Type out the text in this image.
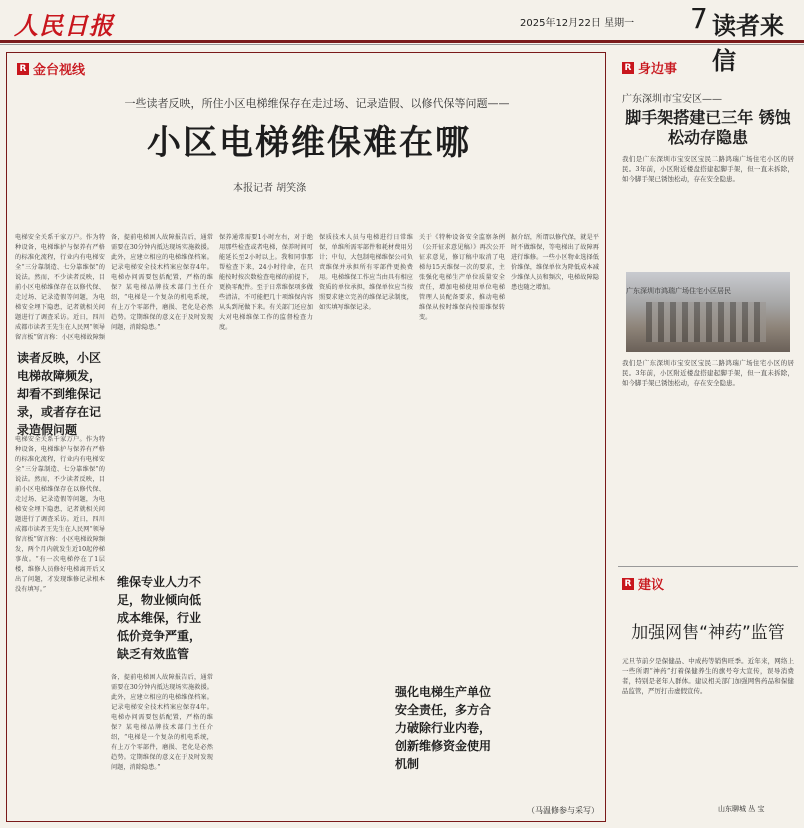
人民日报	2025年12月22日 星期一 7 读者来信
R 金台视线
一些读者反映，所住小区电梯维保存在走过场、记录造假、以修代保等问题——
小区电梯维保难在哪
本报记者 胡笑涤
电梯安全关系千家万户。作为特种设备，电梯维护与保养有严格的标准化流程，行业内有电梯安全“三分靠制造、七分靠维保”的说法。然而，不少读者反映，目前小区电梯维保存在以修代保、走过场、记录造假等问题，为电梯安全埋下隐患，记者就相关问题进行了调查采访。近日，四川成都市读者王先生在人民网“领导留言板”留言称：小区电梯故障频
读者反映，小区电梯故障频发，却看不到维保记录，或者存在记录造假问题
电梯安全关系千家万户。作为特种设备，电梯维护与保养有严格的标准化流程，行业内有电梯安全“三分靠制造、七分靠维保”的说法。然而，不少读者反映，目前小区电梯维保存在以修代保、走过场、记录造假等问题，为电梯安全埋下隐患，记者就相关问题进行了调查采访。近日，四川成都市读者王先生在人民网“领导留言板”留言称：小区电梯故障频发，两个月内就发生近10起停梯事故。“有一次电梯停在了1层楼，维修人员修好电梯离开后又出了问题，才发现维修记录根本没有填写。”
备，提前电梯困人故障报告后，通常需要在30分钟内抵达现场实施救援。此外，应建立相应的电梯维保档案。记录电梯安全技术档案应保存4年。电梯办问需要包括配置，严格的维保？某电梯品牌技术部门主任介绍，“电梯是一个复杂的机电系统，有上万个零部件，磨损、老化是必然趋势。定期维保的意义在于及时发现问题，消除隐患。”
维保专业人力不足，物业倾向低成本维保，行业低价竞争严重，缺乏有效监管
备，提前电梯困人故障报告后，通常需要在30分钟内抵达现场实施救援。此外，应建立相应的电梯维保档案。记录电梯安全技术档案应保存4年。电梯办问需要包括配置，严格的维保？某电梯品牌技术部门主任介绍，“电梯是一个复杂的机电系统，有上万个零部件，磨损、老化是必然趋势。定期维保的意义在于及时发现问题，消除隐患。”
保养通常需要1小时左右，对于绝用那些检查或者电梯，保养时间可能延长至2小时以上。我和同事那帮检查下来，24小时待命，在只能按时按次数检查电梯的前提下，更换零配件。至于日常维保项多做些清洁，不可能把几十项维保内容从头到尾做下来。有关部门还应加大对电梯维保工作的监督检查力度。
保质技术人员与电梯进行日常维保，单维所需零部件和耗材费用另计；中旬，大包制电梯维保公司负责维保并承担所有零部件更换费用。电梯维保工作应当由具有相应资质的单位承担，维保单位应当按照要求建立完善的维保记录制度，如实填写维保记录。
强化电梯生产单位安全责任，多方合力破除行业内卷，创新维修资金使用机制
关于《特种设备安全监察条例（公开征求意见稿）》再次公开征求意见，修订稿中取消了电梯每15天维保一次的要求，主张强化电梯生产单位质量安全责任，增加电梯使用单位电梯管理人员配备要求，推动电梯维保从按时维保向按需维保转变。
据介绍，所谓以修代保，就是平时不做维保，等电梯出了故障再进行维修。一些小区物业选择低价维保，维保单位为降低成本减少维保人员和频次，电梯故障隐患也随之增加。
（马温修参与采写）
R 身边事
广东深圳市宝安区——
脚手架搭建已三年 锈蚀松动存隐患
我们是广东深圳市宝安区宝民二路鸿瑞广场住宅小区的居民。3年前，小区附近楼盘搭建起脚手架，但一直未拆除，如今脚手架已锈蚀松动，存在安全隐患。
广东深圳市鸿瑞广场住宅小区居民
我们是广东深圳市宝安区宝民二路鸿瑞广场住宅小区的居民。3年前，小区附近楼盘搭建起脚手架，但一直未拆除，如今脚手架已锈蚀松动，存在安全隐患。
R 建议
加强网售“神药”监管
元旦节前夕是保健品、中成药等销售旺季。近年来，网络上一些所谓“神药”打着保健养生的旗号夸大宣传，误导消费者，特别是老年人群体。建议相关部门加强网售药品和保健品监管，严厉打击虚假宣传。
山东聊城 丛 宝
